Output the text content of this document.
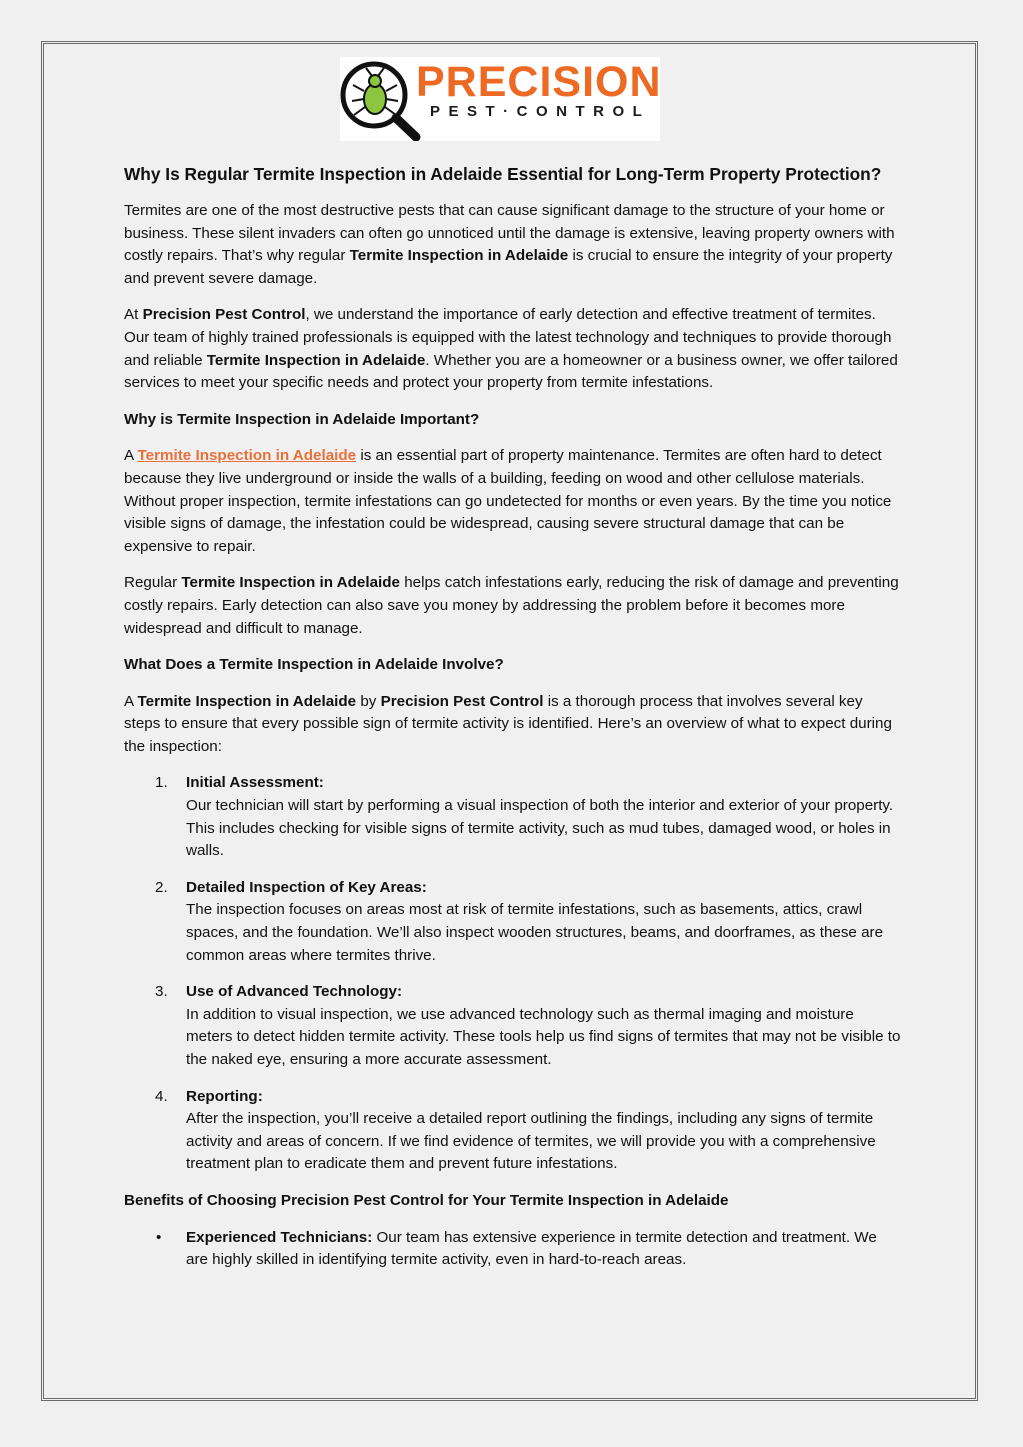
PRECISION
PEST·CONTROL
Why Is Regular Termite Inspection in Adelaide Essential for Long-Term Property Protection?

Termites are one of the most destructive pests that can cause significant damage to the structure of your home or business. These silent invaders can often go unnoticed until the damage is extensive, leaving property owners with costly repairs. That’s why regular Termite Inspection in Adelaide is crucial to ensure the integrity of your property and prevent severe damage.

At Precision Pest Control, we understand the importance of early detection and effective treatment of termites. Our team of highly trained professionals is equipped with the latest technology and techniques to provide thorough and reliable Termite Inspection in Adelaide. Whether you are a homeowner or a business owner, we offer tailored services to meet your specific needs and protect your property from termite infestations.

Why is Termite Inspection in Adelaide Important?

A Termite Inspection in Adelaide is an essential part of property maintenance. Termites are often hard to detect because they live underground or inside the walls of a building, feeding on wood and other cellulose materials. Without proper inspection, termite infestations can go undetected for months or even years. By the time you notice visible signs of damage, the infestation could be widespread, causing severe structural damage that can be expensive to repair.

Regular Termite Inspection in Adelaide helps catch infestations early, reducing the risk of damage and preventing costly repairs. Early detection can also save you money by addressing the problem before it becomes more widespread and difficult to manage.

What Does a Termite Inspection in Adelaide Involve?

A Termite Inspection in Adelaide by Precision Pest Control is a thorough process that involves several key steps to ensure that every possible sign of termite activity is identified. Here’s an overview of what to expect during the inspection:

1. Initial Assessment:
Our technician will start by performing a visual inspection of both the interior and exterior of your property. This includes checking for visible signs of termite activity, such as mud tubes, damaged wood, or holes in walls.
2. Detailed Inspection of Key Areas:
The inspection focuses on areas most at risk of termite infestations, such as basements, attics, crawl spaces, and the foundation. We’ll also inspect wooden structures, beams, and doorframes, as these are common areas where termites thrive.
3. Use of Advanced Technology:
In addition to visual inspection, we use advanced technology such as thermal imaging and moisture meters to detect hidden termite activity. These tools help us find signs of termites that may not be visible to the naked eye, ensuring a more accurate assessment.
4. Reporting:
After the inspection, you’ll receive a detailed report outlining the findings, including any signs of termite activity and areas of concern. If we find evidence of termites, we will provide you with a comprehensive treatment plan to eradicate them and prevent future infestations.
Benefits of Choosing Precision Pest Control for Your Termite Inspection in Adelaide
• Experienced Technicians: Our team has extensive experience in termite detection and treatment. We are highly skilled in identifying termite activity, even in hard-to-reach areas.
